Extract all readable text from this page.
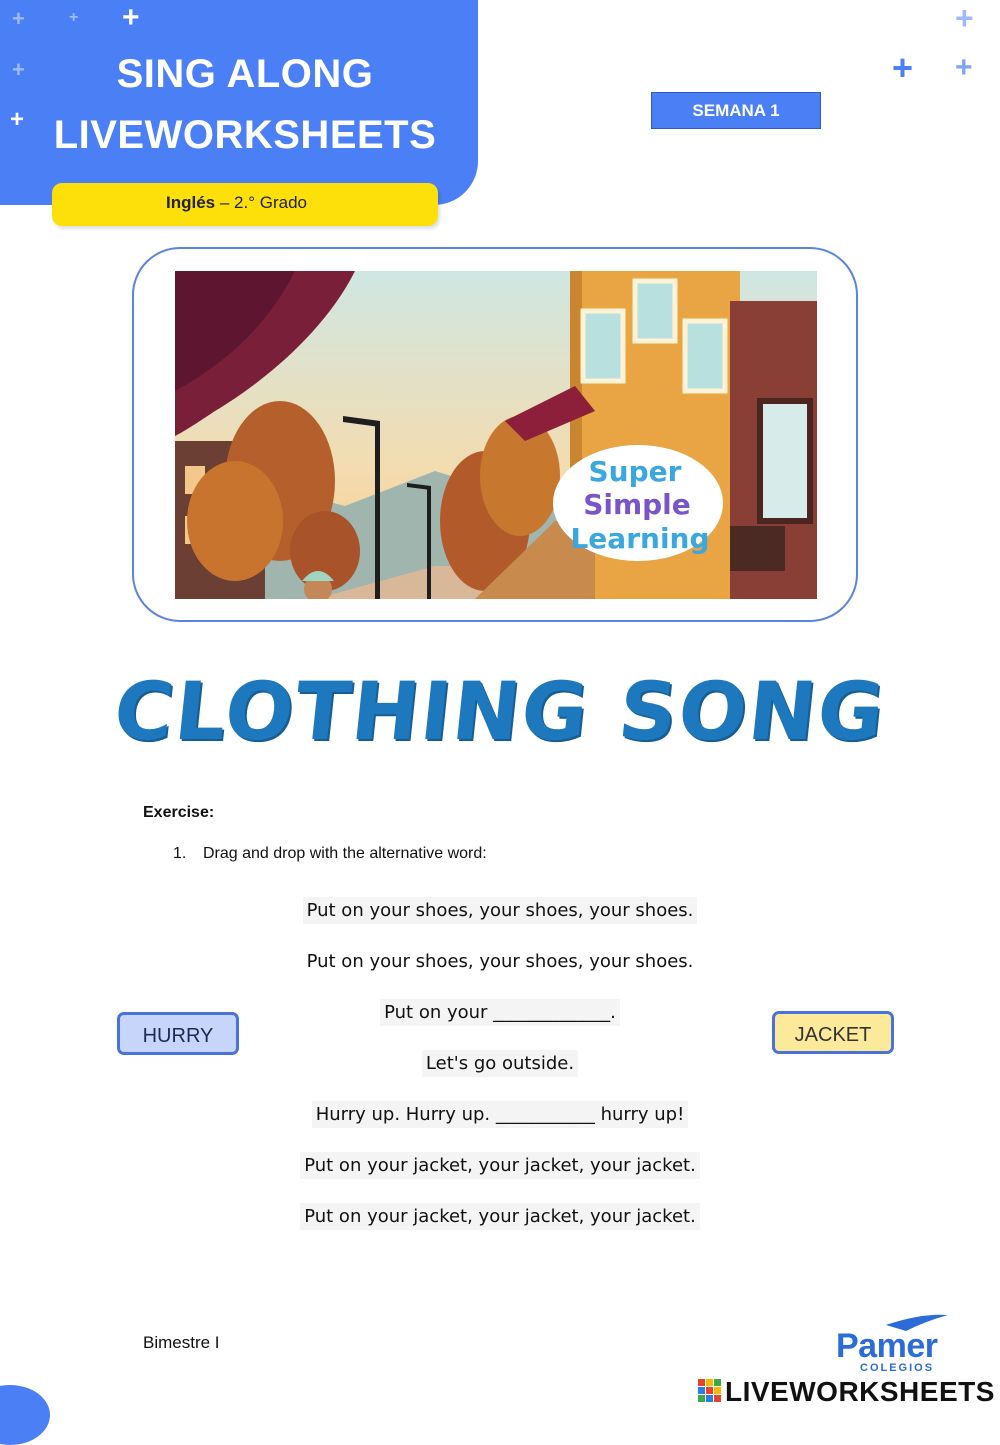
+	+ +
+
+
SING ALONG
LIVEWORKSHEETS
Inglés – 2.° Grado
SEMANA 1
+
+ +
Super
Simple
Learning
CLOTHING SONG
Exercise:
1. Drag and drop with the alternative word:
Put on your shoes, your shoes, your shoes.
Put on your shoes, your shoes, your shoes.
Put on your _____________.
Let's go outside.
Hurry up. Hurry up. ___________ hurry up!
Put on your jacket, your jacket, your jacket.
Put on your jacket, your jacket, your jacket.
HURRY	JACKET
Bimestre I	Pamer
COLEGIOS
LIVEWORKSHEETS
